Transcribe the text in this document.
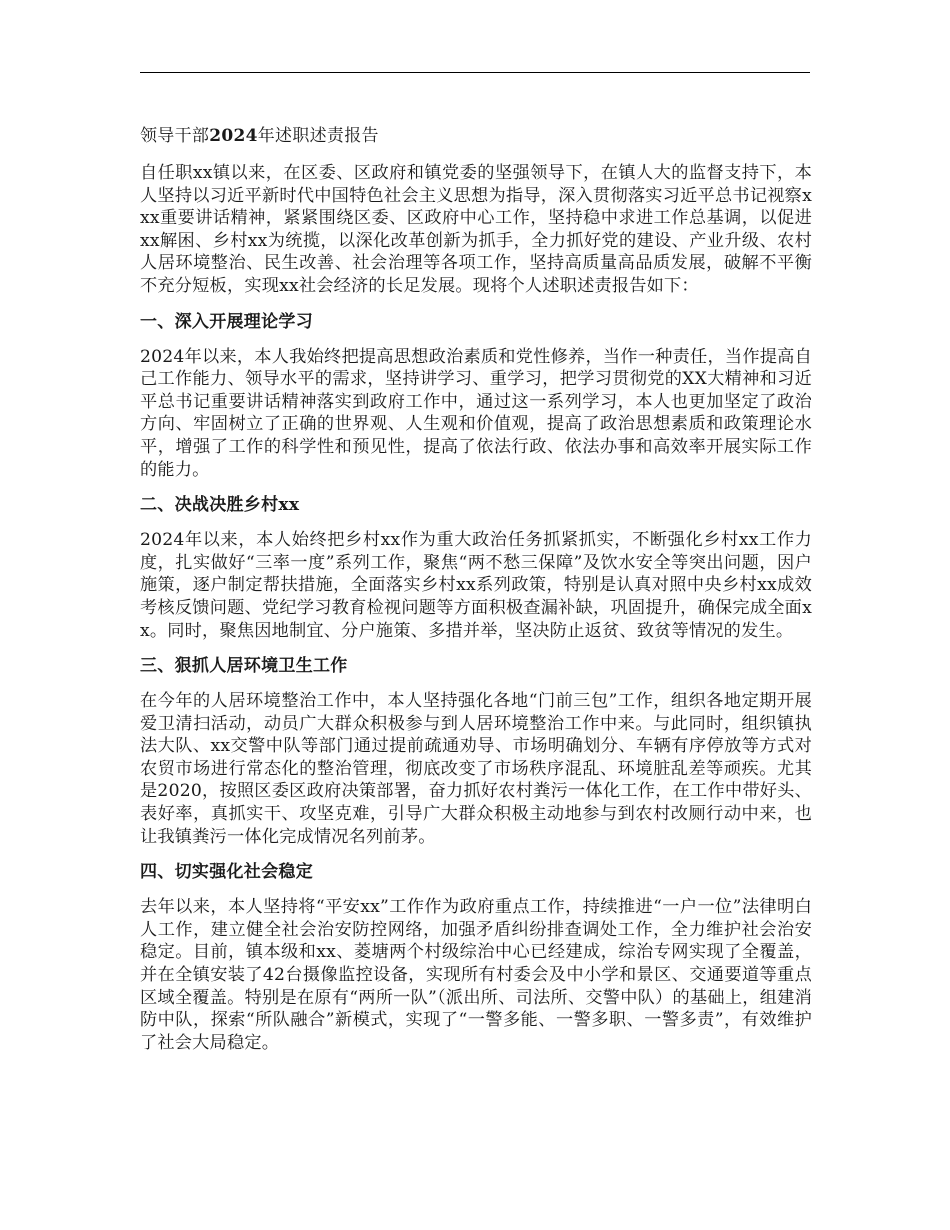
领导干部2024年述职述责报告

自任职xx镇以来，在区委、区政府和镇党委的坚强领导下，在镇人大的监督支持下，本人坚持以习近平新时代中国特色社会主义思想为指导，深入贯彻落实习近平总书记视察xxx重要讲话精神，紧紧围绕区委、区政府中心工作，坚持稳中求进工作总基调，以促进xx解困、乡村xx为统揽，以深化改革创新为抓手，全力抓好党的建设、产业升级、农村人居环境整治、民生改善、社会治理等各项工作，坚持高质量高品质发展，破解不平衡不充分短板，实现xx社会经济的长足发展。现将个人述职述责报告如下：

一、深入开展理论学习

2024年以来，本人我始终把提高思想政治素质和党性修养，当作一种责任，当作提高自己工作能力、领导水平的需求，坚持讲学习、重学习，把学习贯彻党的XX大精神和习近平总书记重要讲话精神落实到政府工作中，通过这一系列学习，本人也更加坚定了政治方向、牢固树立了正确的世界观、人生观和价值观，提高了政治思想素质和政策理论水平，增强了工作的科学性和预见性，提高了依法行政、依法办事和高效率开展实际工作的能力。

二、决战决胜乡村xx

2024年以来，本人始终把乡村xx作为重大政治任务抓紧抓实，不断强化乡村xx工作力度，扎实做好“三率一度”系列工作，聚焦“两不愁三保障”及饮水安全等突出问题，因户施策，逐户制定帮扶措施，全面落实乡村xx系列政策，特别是认真对照中央乡村xx成效考核反馈问题、党纪学习教育检视问题等方面积极查漏补缺，巩固提升，确保完成全面xx。同时，聚焦因地制宜、分户施策、多措并举，坚决防止返贫、致贫等情况的发生。

三、狠抓人居环境卫生工作

在今年的人居环境整治工作中，本人坚持强化各地“门前三包”工作，组织各地定期开展爱卫清扫活动，动员广大群众积极参与到人居环境整治工作中来。与此同时，组织镇执法大队、xx交警中队等部门通过提前疏通劝导、市场明确划分、车辆有序停放等方式对农贸市场进行常态化的整治管理，彻底改变了市场秩序混乱、环境脏乱差等顽疾。尤其是2020，按照区委区政府决策部署，奋力抓好农村粪污一体化工作，在工作中带好头、表好率，真抓实干、攻坚克难，引导广大群众积极主动地参与到农村改厕行动中来，也让我镇粪污一体化完成情况名列前茅。

四、切实强化社会稳定

去年以来，本人坚持将“平安xx”工作作为政府重点工作，持续推进“一户一位”法律明白人工作，建立健全社会治安防控网络，加强矛盾纠纷排查调处工作，全力维护社会治安稳定。目前，镇本级和xx、菱塘两个村级综治中心已经建成，综治专网实现了全覆盖，并在全镇安装了42台摄像监控设备，实现所有村委会及中小学和景区、交通要道等重点区域全覆盖。特别是在原有“两所一队”（派出所、司法所、交警中队）的基础上，组建消防中队，探索“所队融合”新模式，实现了“一警多能、一警多职、一警多责”，有效维护了社会大局稳定。
